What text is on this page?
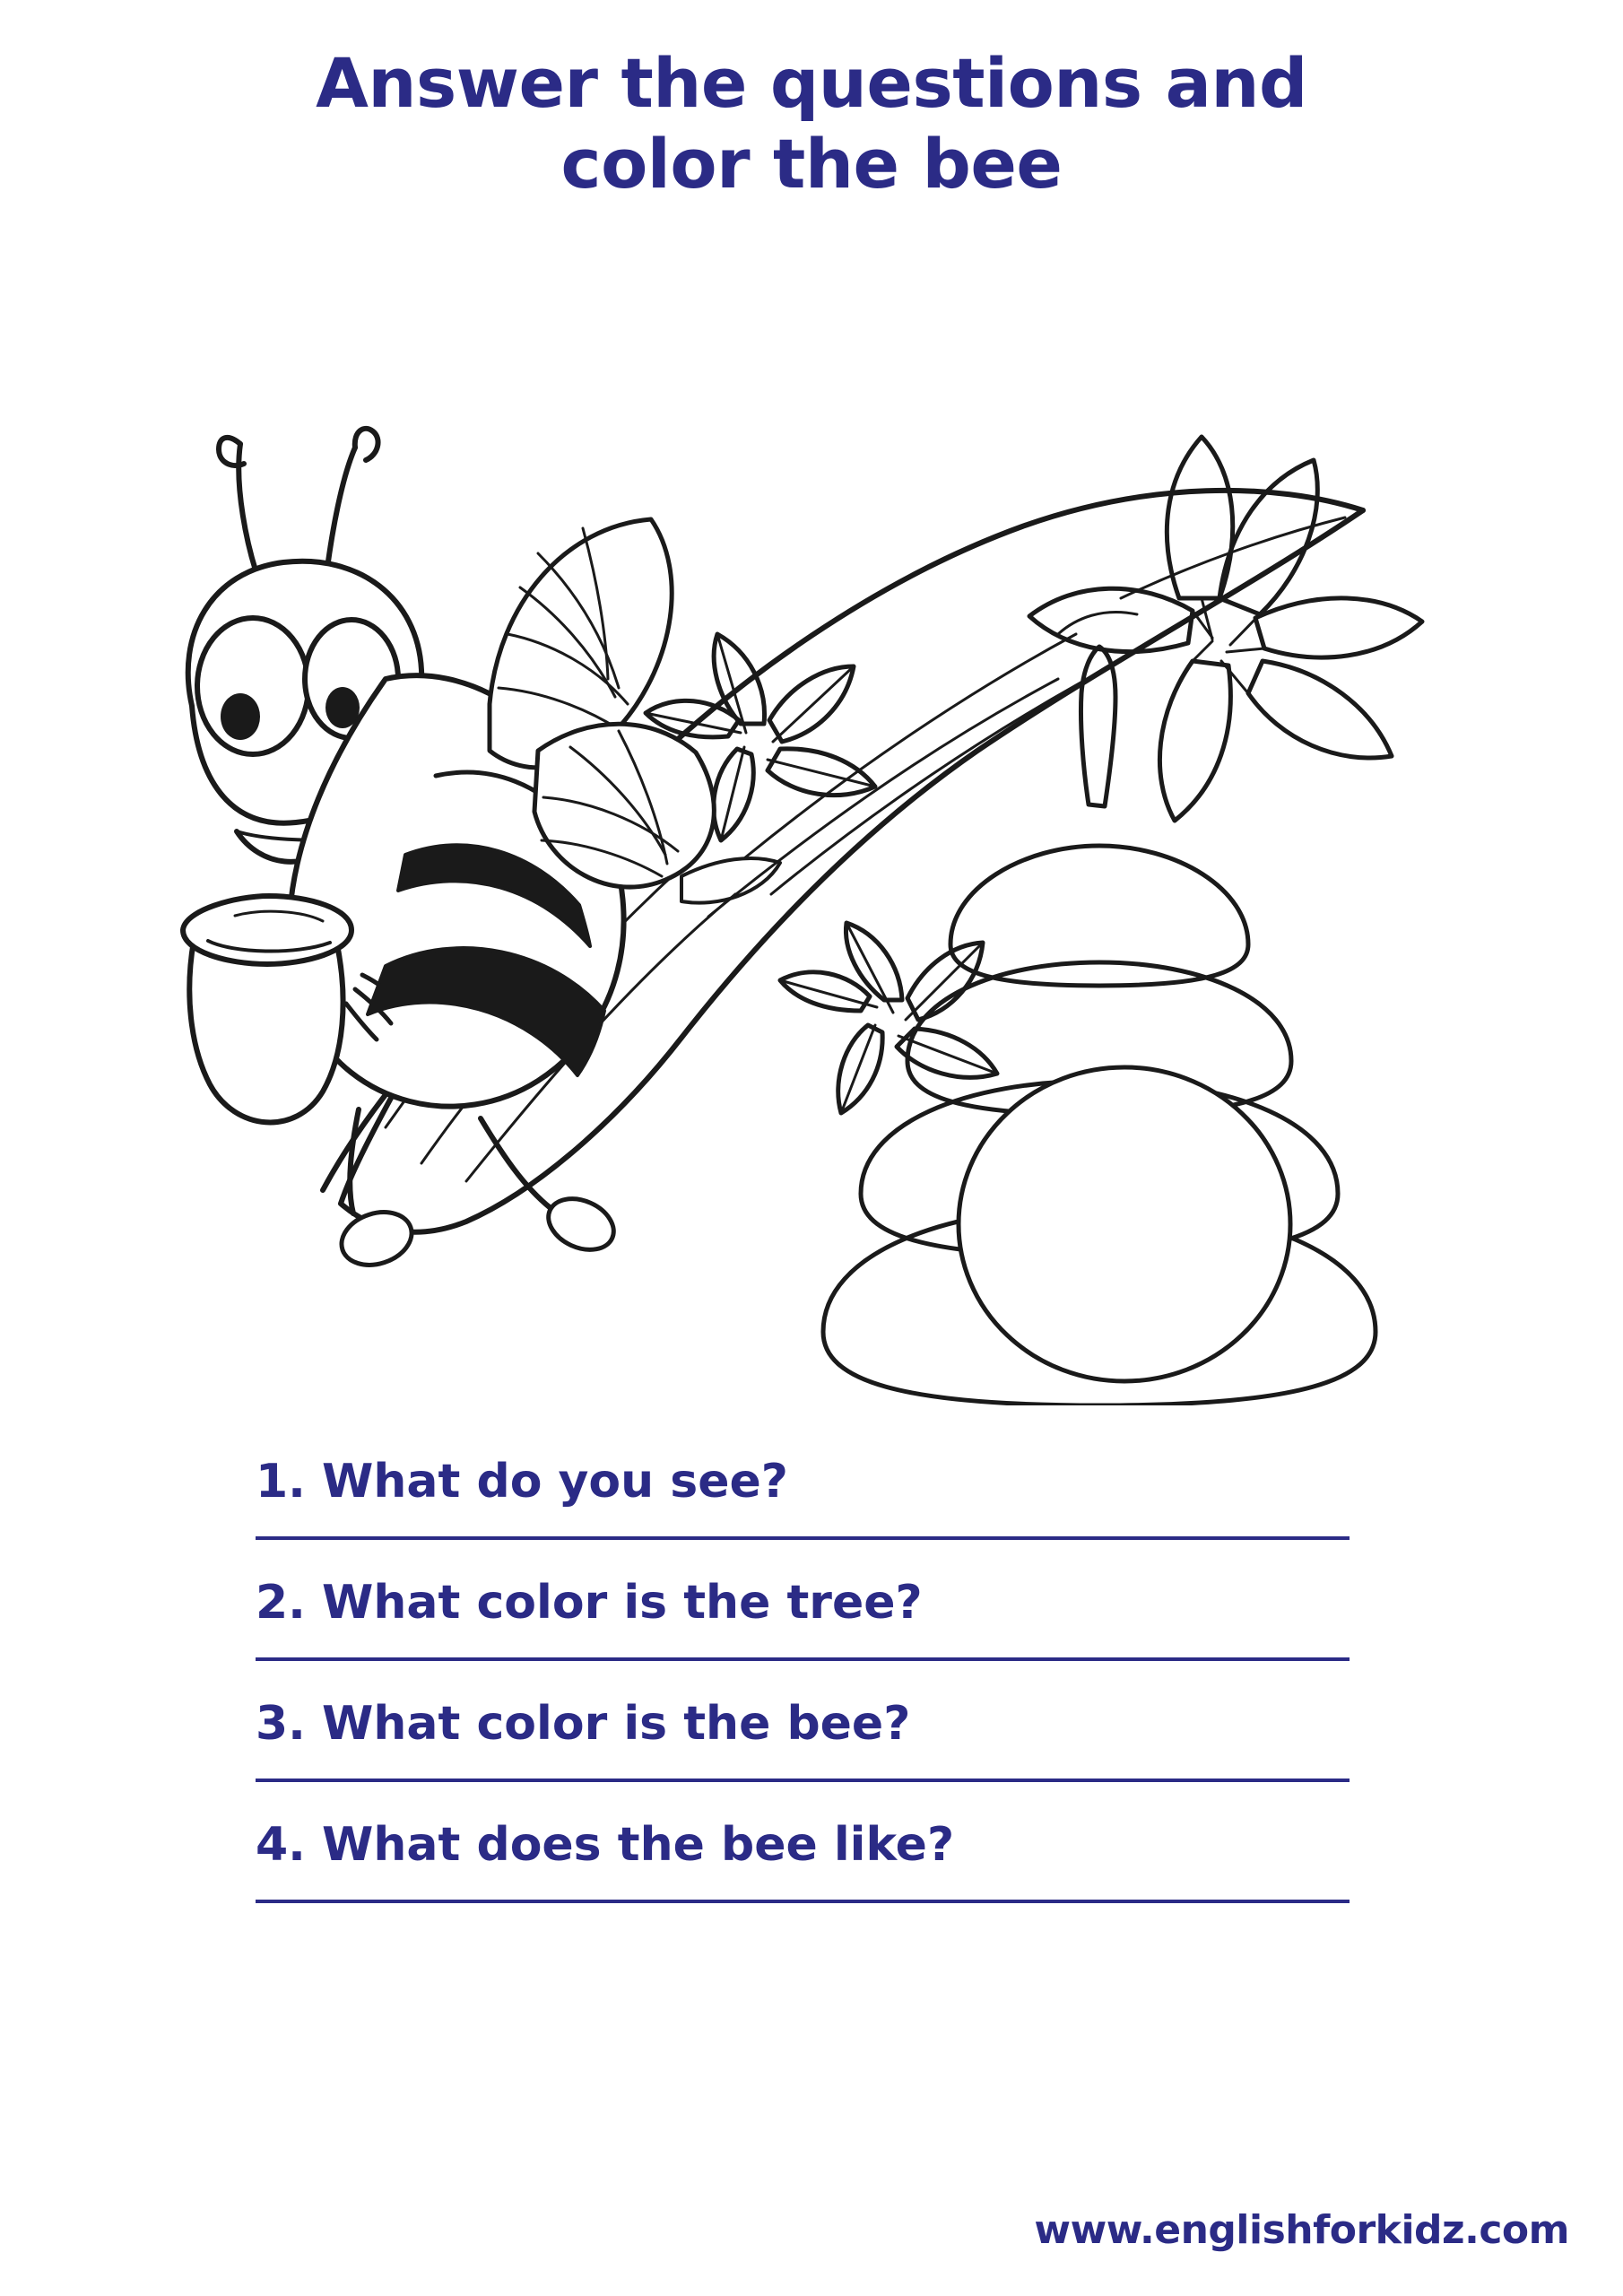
Answer the questions and
color the bee

1. What do you see?

2. What color is the tree?

3. What color is the bee?

4. What does the bee like?

www.englishforkidz.com
